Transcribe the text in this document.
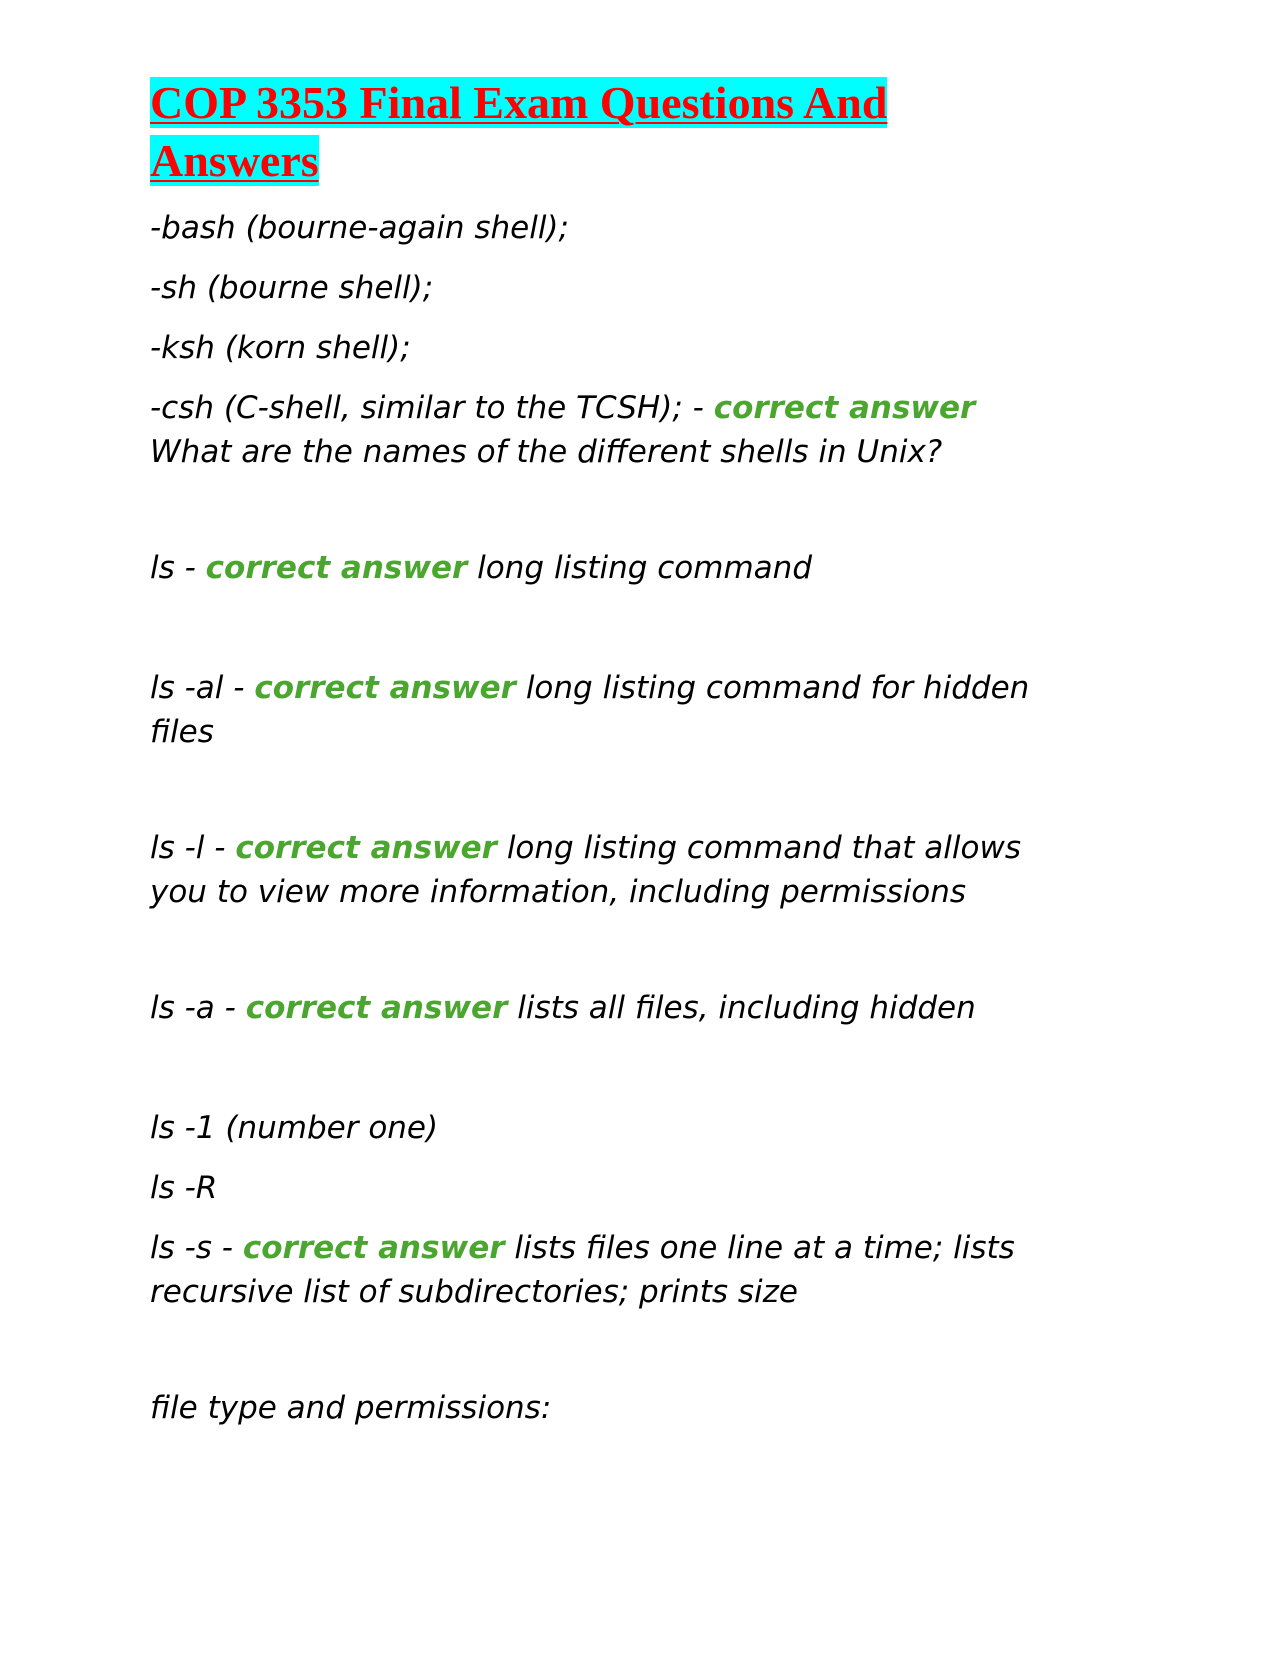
COP 3353 Final Exam Questions And
Answers

-bash (bourne-again shell);

-sh (bourne shell);

-ksh (korn shell);

-csh (C-shell, similar to the TCSH); - correct answer
What are the names of the different shells in Unix?

ls - correct answer long listing command

ls -al - correct answer long listing command for hidden
files

ls -l - correct answer long listing command that allows
you to view more information, including permissions

ls -a - correct answer lists all files, including hidden

ls -1 (number one)

ls -R

ls -s - correct answer lists files one line at a time; lists
recursive list of subdirectories; prints size

file type and permissions:
